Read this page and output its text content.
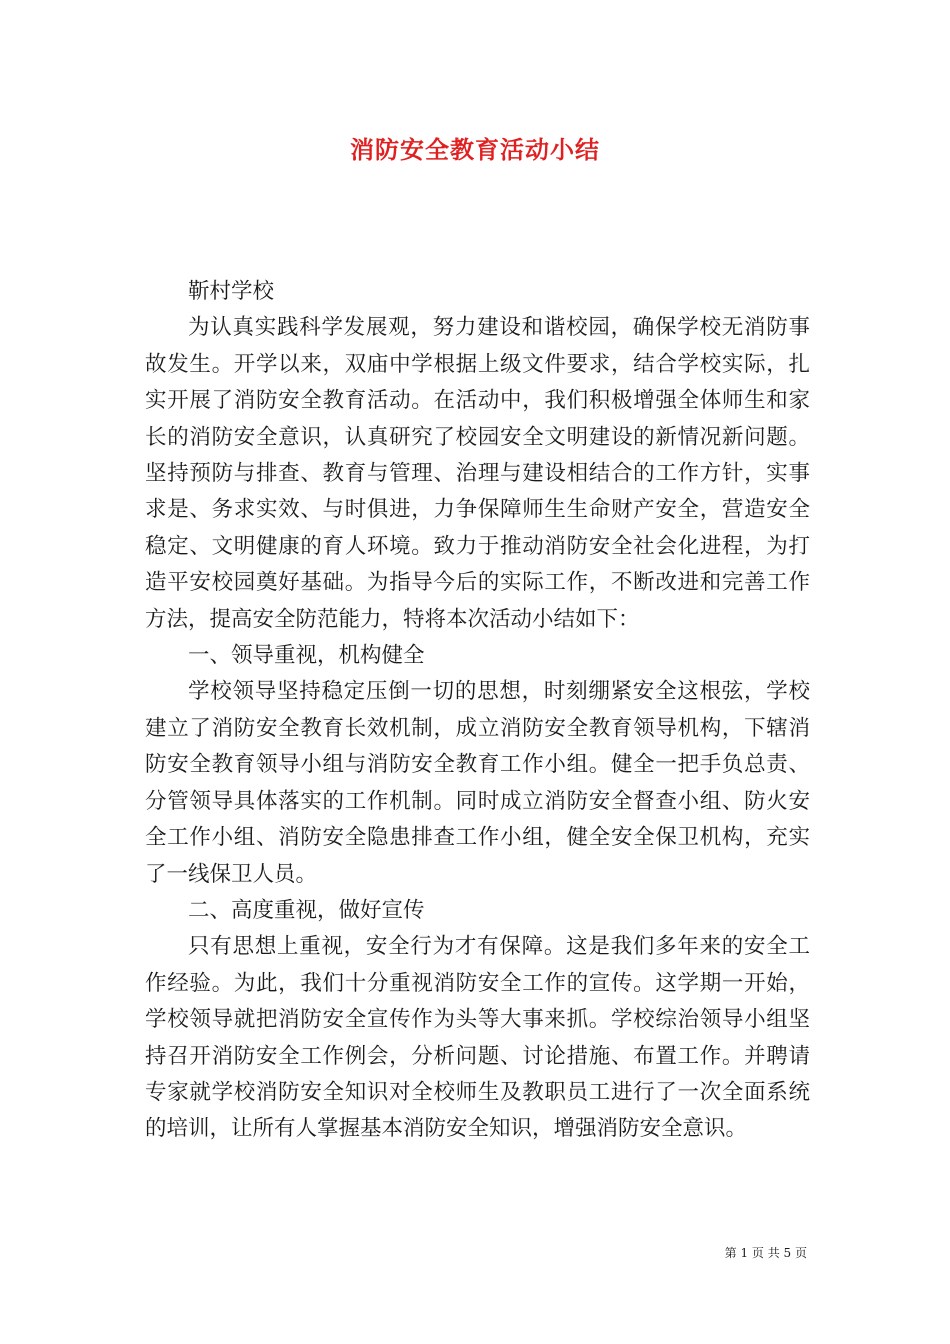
消防安全教育活动小结

靳村学校

为认真实践科学发展观，努力建设和谐校园，确保学校无消防事故发生。开学以来，双庙中学根据上级文件要求，结合学校实际，扎实开展了消防安全教育活动。在活动中，我们积极增强全体师生和家长的消防安全意识，认真研究了校园安全文明建设的新情况新问题。坚持预防与排查、教育与管理、治理与建设相结合的工作方针，实事求是、务求实效、与时俱进，力争保障师生生命财产安全，营造安全稳定、文明健康的育人环境。致力于推动消防安全社会化进程，为打造平安校园奠好基础。为指导今后的实际工作，不断改进和完善工作方法，提高安全防范能力，特将本次活动小结如下：

一、领导重视，机构健全

学校领导坚持稳定压倒一切的思想，时刻绷紧安全这根弦，学校建立了消防安全教育长效机制，成立消防安全教育领导机构，下辖消防安全教育领导小组与消防安全教育工作小组。健全一把手负总责、分管领导具体落实的工作机制。同时成立消防安全督查小组、防火安全工作小组、消防安全隐患排查工作小组，健全安全保卫机构，充实了一线保卫人员。

二、高度重视，做好宣传

只有思想上重视，安全行为才有保障。这是我们多年来的安全工作经验。为此，我们十分重视消防安全工作的宣传。这学期一开始，学校领导就把消防安全宣传作为头等大事来抓。学校综治领导小组坚持召开消防安全工作例会，分析问题、讨论措施、布置工作。并聘请专家就学校消防安全知识对全校师生及教职员工进行了一次全面系统的培训，让所有人掌握基本消防安全知识，增强消防安全意识。

第 1 页 共 5 页
